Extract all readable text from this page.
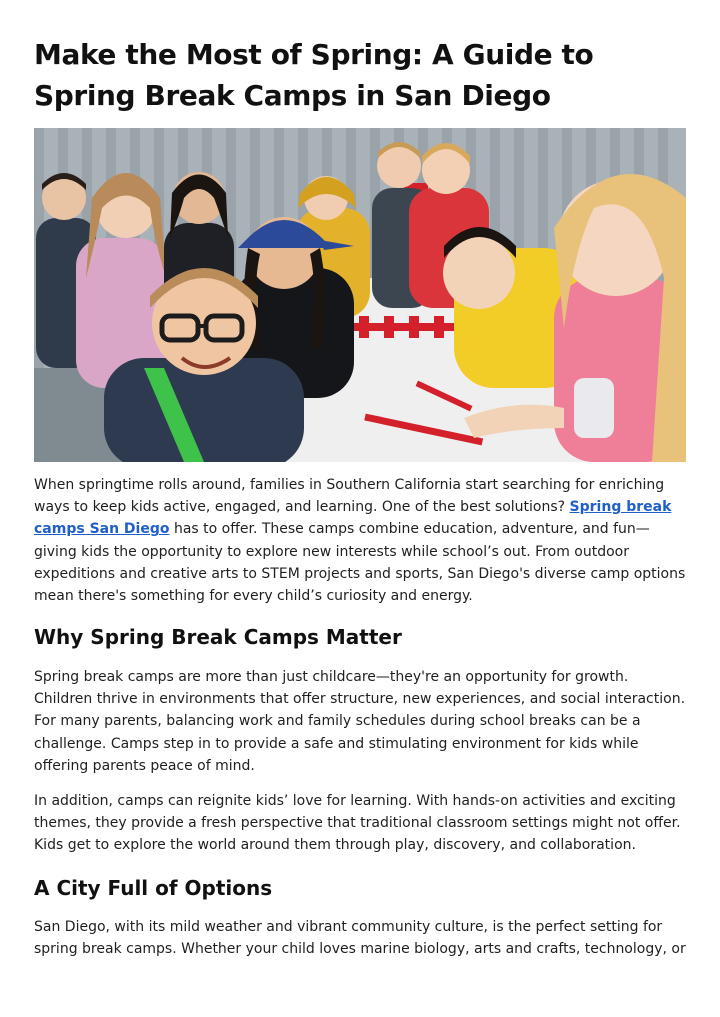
Make the Most of Spring: A Guide to Spring Break Camps in San Diego

When springtime rolls around, families in Southern California start searching for enriching ways to keep kids active, engaged, and learning. One of the best solutions? Spring break camps San Diego has to offer. These camps combine education, adventure, and fun—giving kids the opportunity to explore new interests while school’s out. From outdoor expeditions and creative arts to STEM projects and sports, San Diego's diverse camp options mean there's something for every child’s curiosity and energy.

Why Spring Break Camps Matter

Spring break camps are more than just childcare—they're an opportunity for growth. Children thrive in environments that offer structure, new experiences, and social interaction. For many parents, balancing work and family schedules during school breaks can be a challenge. Camps step in to provide a safe and stimulating environment for kids while offering parents peace of mind.

In addition, camps can reignite kids’ love for learning. With hands-on activities and exciting themes, they provide a fresh perspective that traditional classroom settings might not offer. Kids get to explore the world around them through play, discovery, and collaboration.

A City Full of Options

San Diego, with its mild weather and vibrant community culture, is the perfect setting for spring break camps. Whether your child loves marine biology, arts and crafts, technology, or
